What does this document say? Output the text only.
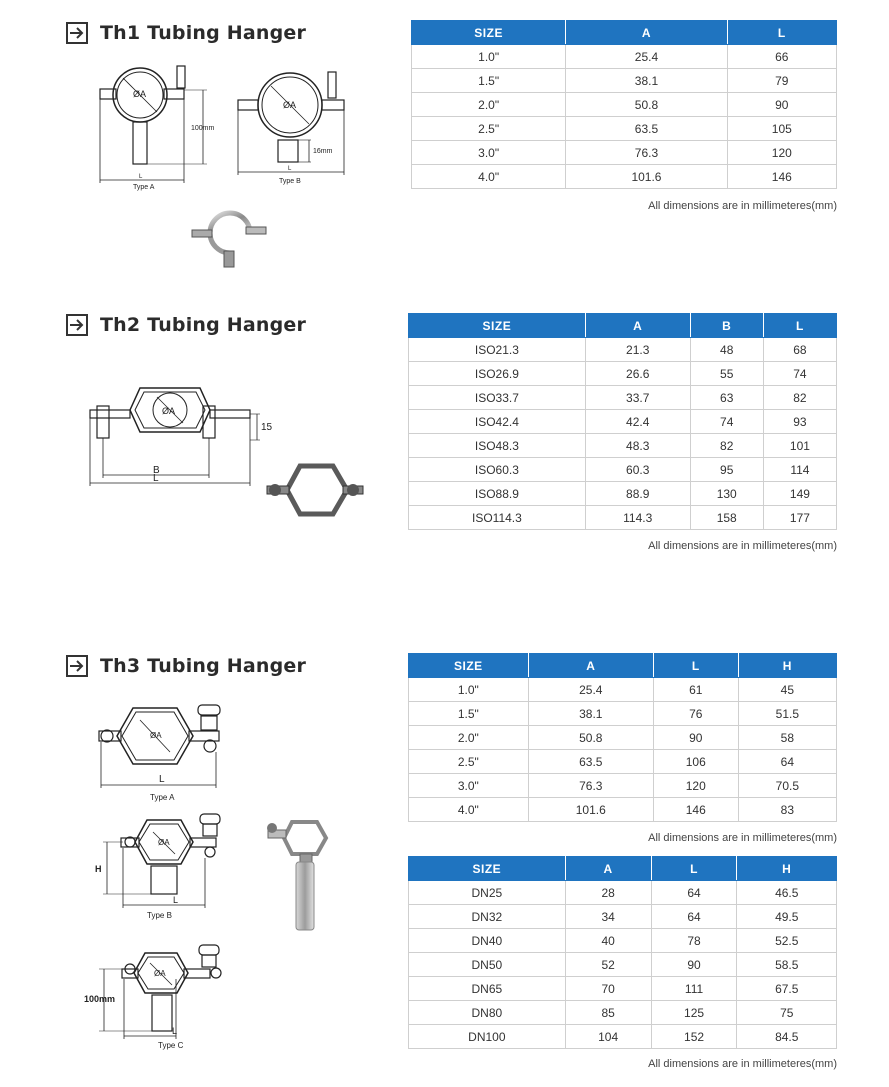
Th1 Tubing Hanger
ØA
100mm
L
Type A
ØA
16mm
L
Type B
SIZE	A	L
1.0"	25.4	66
1.5"	38.1	79
2.0"	50.8	90
2.5"	63.5	105
3.0"	76.3	120
4.0"	101.6	146
All dimensions are in millimeteres(mm)
Th2 Tubing Hanger
ØA
15
B
L
SIZE	A	B	L
ISO21.3	21.3	48	68
ISO26.9	26.6	55	74
ISO33.7	33.7	63	82
ISO42.4	42.4	74	93
ISO48.3	48.3	82	101
ISO60.3	60.3	95	114
ISO88.9	88.9	130	149
ISO114.3	114.3	158	177
All dimensions are in millimeteres(mm)
Th3 Tubing Hanger
ØA
L
Type A
ØA
H
L
Type B
ØA
100mm
L
Type C
SIZE	A	L	H
1.0"	25.4	61	45
1.5"	38.1	76	51.5
2.0"	50.8	90	58
2.5"	63.5	106	64
3.0"	76.3	120	70.5
4.0"	101.6	146	83
All dimensions are in millimeteres(mm)
SIZE	A	L	H
DN25	28	64	46.5
DN32	34	64	49.5
DN40	40	78	52.5
DN50	52	90	58.5
DN65	70	111	67.5
DN80	85	125	75
DN100	104	152	84.5
All dimensions are in millimeteres(mm)
